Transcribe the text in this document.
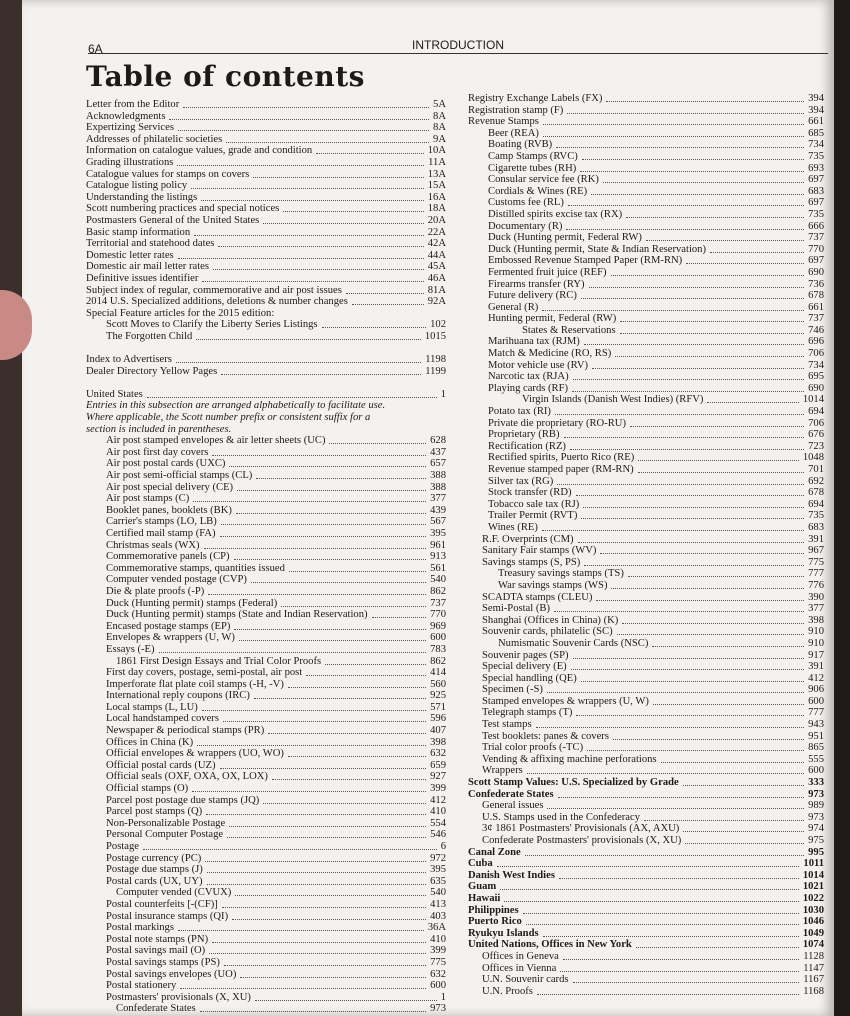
6A	INTRODUCTION
Table of contents
Letter from the Editor	5A
Acknowledgments	8A
Expertizing Services	8A
Addresses of philatelic societies	9A
Information on catalogue values, grade and condition	10A
Grading illustrations	11A
Catalogue values for stamps on covers	13A
Catalogue listing policy	15A
Understanding the listings	16A
Scott numbering practices and special notices	18A
Postmasters General of the United States	20A
Basic stamp information	22A
Territorial and statehood dates	42A
Domestic letter rates	44A
Domestic air mail letter rates	45A
Definitive issues identifier	46A
Subject index of regular, commemorative and air post issues	81A
2014 U.S. Specialized additions, deletions & number changes	92A
Special Feature articles for the 2015 edition:
Scott Moves to Clarify the Liberty Series Listings	102
The Forgotten Child	1015
Index to Advertisers	1198
Dealer Directory Yellow Pages	1199
United States	1
Entries in this subsection are arranged alphabetically to facilitate use.
Where applicable, the Scott number prefix or consistent suffix for a
section is included in parentheses.
Air post stamped envelopes & air letter sheets (UC)	628
Air post first day covers	437
Air post postal cards (UXC)	657
Air post semi-official stamps (CL)	388
Air post special delivery (CE)	388
Air post stamps (C)	377
Booklet panes, booklets (BK)	439
Carrier's stamps (LO, LB)	567
Certified mail stamp (FA)	395
Christmas seals (WX)	961
Commemorative panels (CP)	913
Commemorative stamps, quantities issued	561
Computer vended postage (CVP)	540
Die & plate proofs (-P)	862
Duck (Hunting permit) stamps (Federal)	737
Duck (Hunting permit) stamps (State and Indian Reservation)	770
Encased postage stamps (EP)	969
Envelopes & wrappers (U, W)	600
Essays (-E)	783
1861 First Design Essays and Trial Color Proofs	862
First day covers, postage, semi-postal, air post	414
Imperforate flat plate coil stamps (-H, -V)	560
International reply coupons (IRC)	925
Local stamps (L, LU)	571
Local handstamped covers	596
Newspaper & periodical stamps (PR)	407
Offices in China (K)	398
Official envelopes & wrappers (UO, WO)	632
Official postal cards (UZ)	659
Official seals (OXF, OXA, OX, LOX)	927
Official stamps (O)	399
Parcel post postage due stamps (JQ)	412
Parcel post stamps (Q)	410
Non-Personalizable Postage	554
Personal Computer Postage	546
Postage	6
Postage currency (PC)	972
Postage due stamps (J)	395
Postal cards (UX, UY)	635
Computer vended (CVUX)	540
Postal counterfeits [-(CF)]	413
Postal insurance stamps (QI)	403
Postal markings	36A
Postal note stamps (PN)	410
Postal savings mail (O)	399
Postal savings stamps (PS)	775
Postal savings envelopes (UO)	632
Postal stationery	600
Postmasters' provisionals (X, XU)	1
Confederate States	973
Registry Exchange Labels (FX)	394
Registration stamp (F)	394
Revenue Stamps	661
Beer (REA)	685
Boating (RVB)	734
Camp Stamps (RVC)	735
Cigarette tubes (RH)	693
Consular service fee (RK)	697
Cordials & Wines (RE)	683
Customs fee (RL)	697
Distilled spirits excise tax (RX)	735
Documentary (R)	666
Duck (Hunting permit, Federal RW)	737
Duck (Hunting permit, State & Indian Reservation)	770
Embossed Revenue Stamped Paper (RM-RN)	697
Fermented fruit juice (REF)	690
Firearms transfer (RY)	736
Future delivery (RC)	678
General (R)	661
Hunting permit, Federal (RW)	737
States & Reservations	746
Marihuana tax (RJM)	696
Match & Medicine (RO, RS)	706
Motor vehicle use (RV)	734
Narcotic tax (RJA)	695
Playing cards (RF)	690
Virgin Islands (Danish West Indies) (RFV)	1014
Potato tax (RI)	694
Private die proprietary (RO-RU)	706
Proprietary (RB)	676
Rectification (RZ)	723
Rectified spirits, Puerto Rico (RE)	1048
Revenue stamped paper (RM-RN)	701
Silver tax (RG)	692
Stock transfer (RD)	678
Tobacco sale tax (RJ)	694
Trailer Permit (RVT)	735
Wines (RE)	683
R.F. Overprints (CM)	391
Sanitary Fair stamps (WV)	967
Savings stamps (S, PS)	775
Treasury savings stamps (TS)	777
War savings stamps (WS)	776
SCADTA stamps (CLEU)	390
Semi-Postal (B)	377
Shanghai (Offices in China) (K)	398
Souvenir cards, philatelic (SC)	910
Numismatic Souvenir Cards (NSC)	910
Souvenir pages (SP)	917
Special delivery (E)	391
Special handling (QE)	412
Specimen (-S)	906
Stamped envelopes & wrappers (U, W)	600
Telegraph stamps (T)	777
Test stamps	943
Test booklets: panes & covers	951
Trial color proofs (-TC)	865
Vending & affixing machine perforations	555
Wrappers	600
Scott Stamp Values: U.S. Specialized by Grade	333
Confederate States	973
General issues	989
U.S. Stamps used in the Confederacy	973
3¢ 1861 Postmasters' Provisionals (AX, AXU)	974
Confederate Postmasters' provisionals (X, XU)	975
Canal Zone	995
Cuba	1011
Danish West Indies	1014
Guam	1021
Hawaii	1022
Philippines	1030
Puerto Rico	1046
Ryukyu Islands	1049
United Nations, Offices in New York	1074
Offices in Geneva	1128
Offices in Vienna	1147
U.N. Souvenir cards	1167
U.N. Proofs	1168
